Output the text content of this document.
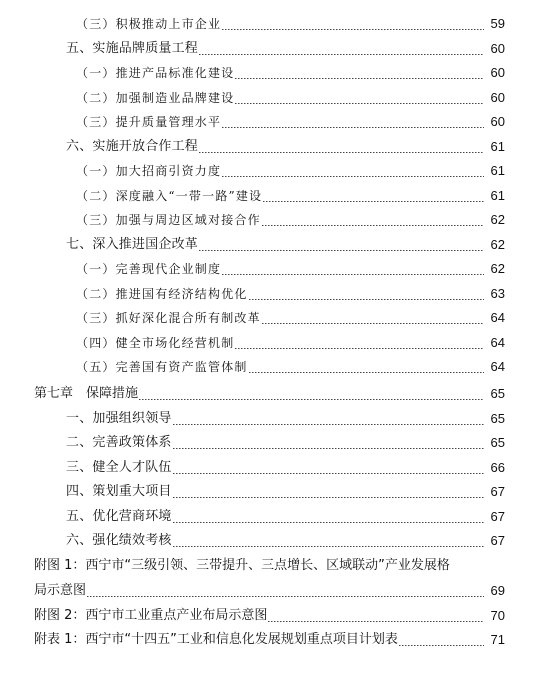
（三）积极推动上市企业	59
五、实施品牌质量工程	60
（一）推进产品标准化建设	60
（二）加强制造业品牌建设	60
（三）提升质量管理水平	60
六、实施开放合作工程	61
（一）加大招商引资力度	61
（二）深度融入“一带一路”建设	61
（三）加强与周边区域对接合作	62
七、深入推进国企改革	62
（一）完善现代企业制度	62
（二）推进国有经济结构优化	63
（三）抓好深化混合所有制改革	64
（四）健全市场化经营机制	64
（五）完善国有资产监管体制	64
第七章　保障措施	65
一、加强组织领导	65
二、完善政策体系	65
三、健全人才队伍	66
四、策划重大项目	67
五、优化营商环境	67
六、强化绩效考核	67
附图 1：西宁市“三级引领、三带提升、三点增长、区域联动”产业发展格
局示意图	69
附图 2：西宁市工业重点产业布局示意图	70
附表 1：西宁市“十四五”工业和信息化发展规划重点项目计划表	71
